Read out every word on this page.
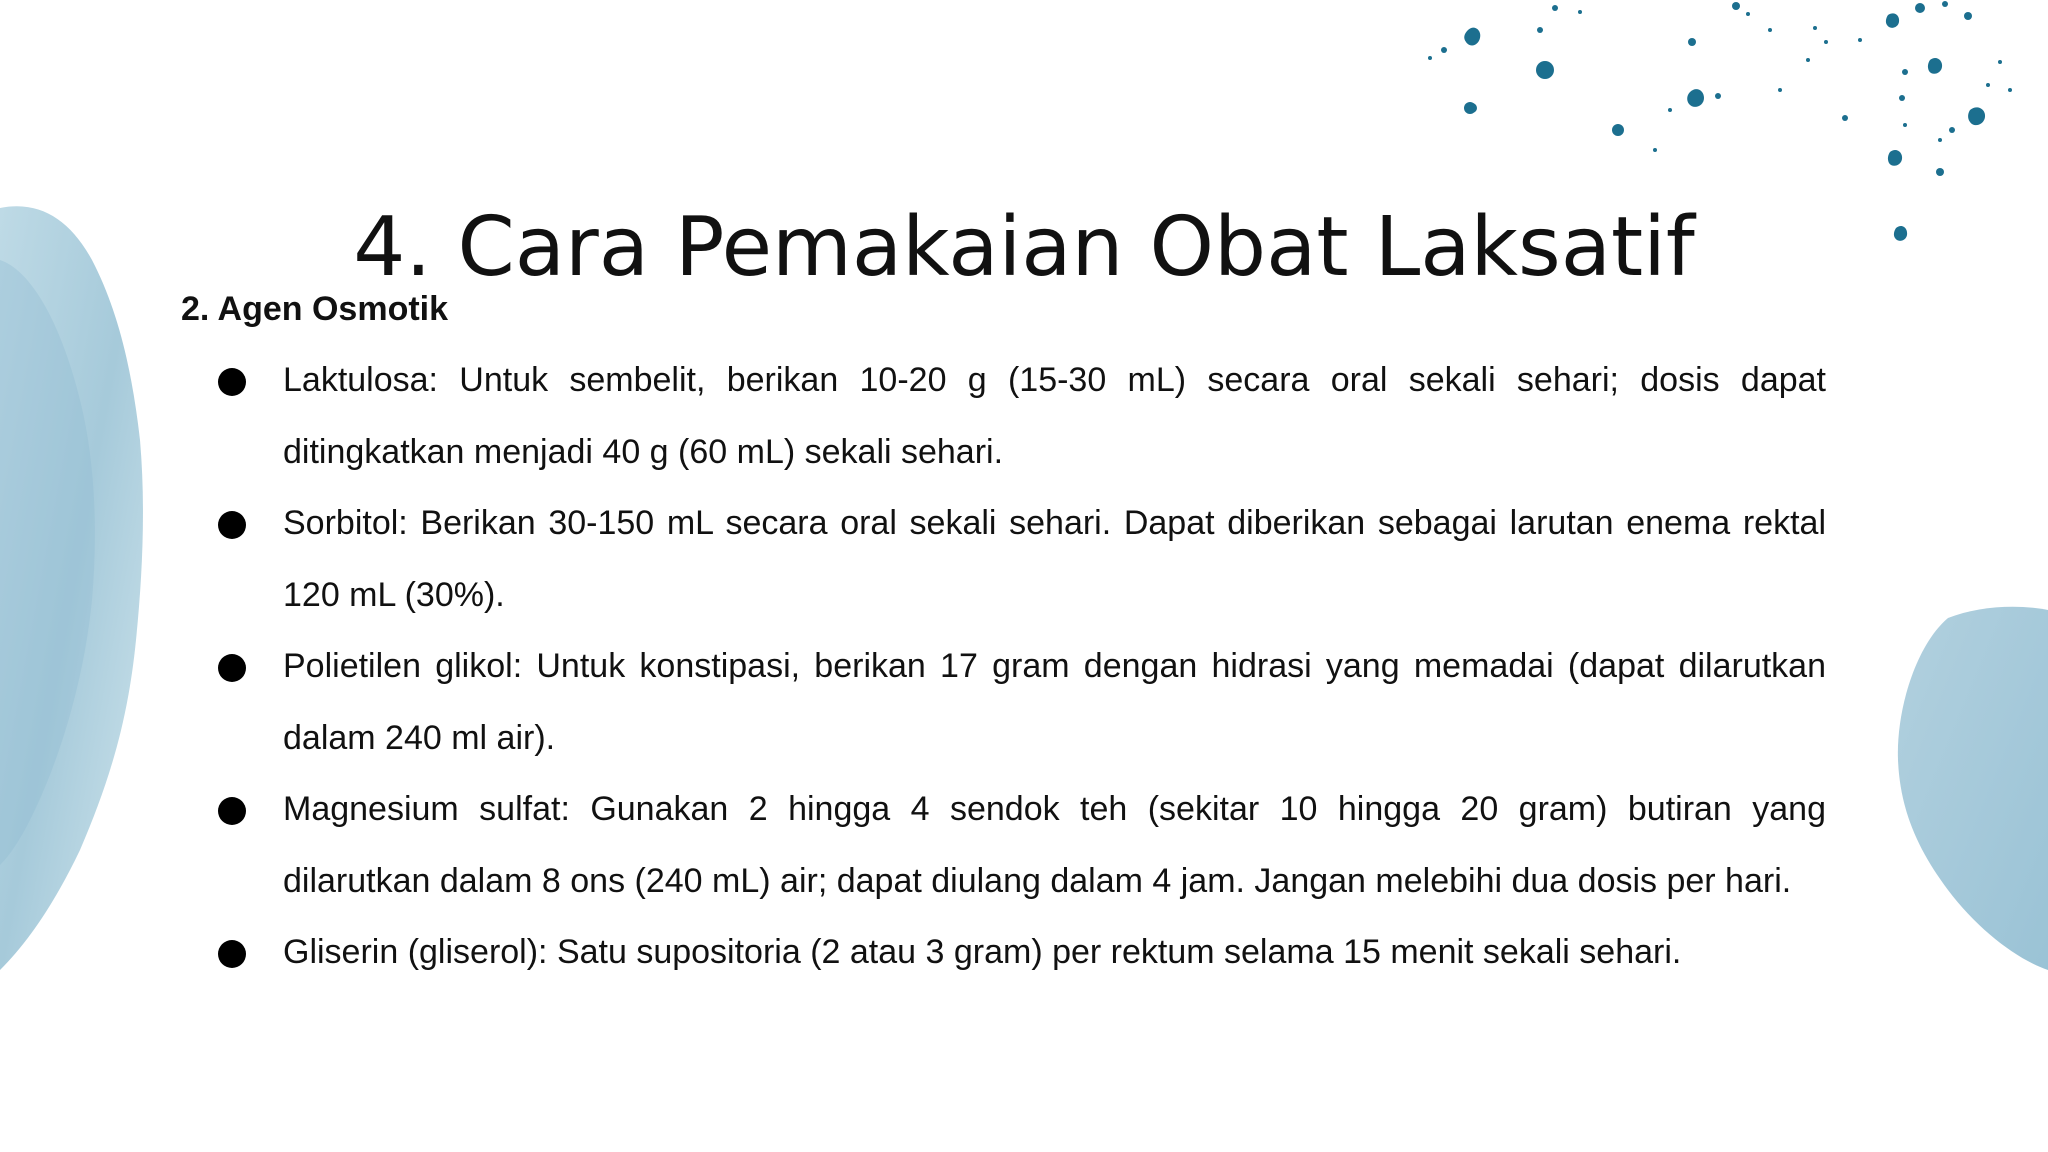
4. Cara Pemakaian Obat Laksatif
2. Agen Osmotik
Laktulosa: Untuk sembelit, berikan 10-20 g (15-30 mL) secara oral sekali sehari; dosis dapat ditingkatkan menjadi 40 g (60 mL) sekali sehari.
Sorbitol: Berikan 30-150 mL secara oral sekali sehari. Dapat diberikan sebagai larutan enema rektal 120 mL (30%).
Polietilen glikol: Untuk konstipasi, berikan 17 gram dengan hidrasi yang memadai (dapat dilarutkan dalam 240 ml air).
Magnesium sulfat: Gunakan 2 hingga 4 sendok teh (sekitar 10 hingga 20 gram) butiran yang dilarutkan dalam 8 ons (240 mL) air; dapat diulang dalam 4 jam. Jangan melebihi dua dosis per hari.
Gliserin (gliserol): Satu supositoria (2 atau 3 gram) per rektum selama 15 menit sekali sehari.
